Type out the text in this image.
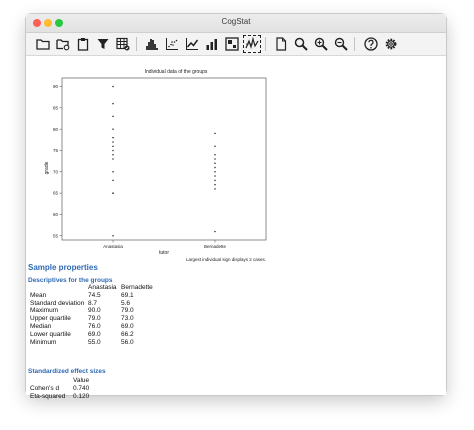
CogStat
Individual data of the groups
grade
tutor
Largest individual sign displays 2 cases.
55
60
65
70
75
80
85
90
Anastasia	Bernadette
Sample properties
Descriptives for the groups
	Anastasia	Bernadette
Mean	74.5	69.1
Standard deviation	8.7	5.6
Maximum	90.0	79.0
Upper quartile	79.0	73.0
Median	76.0	69.0
Lower quartile	69.0	66.2
Minimum	55.0	56.0
Standardized effect sizes
	Value
Cohen's d	0.740
Eta-squared	0.120
